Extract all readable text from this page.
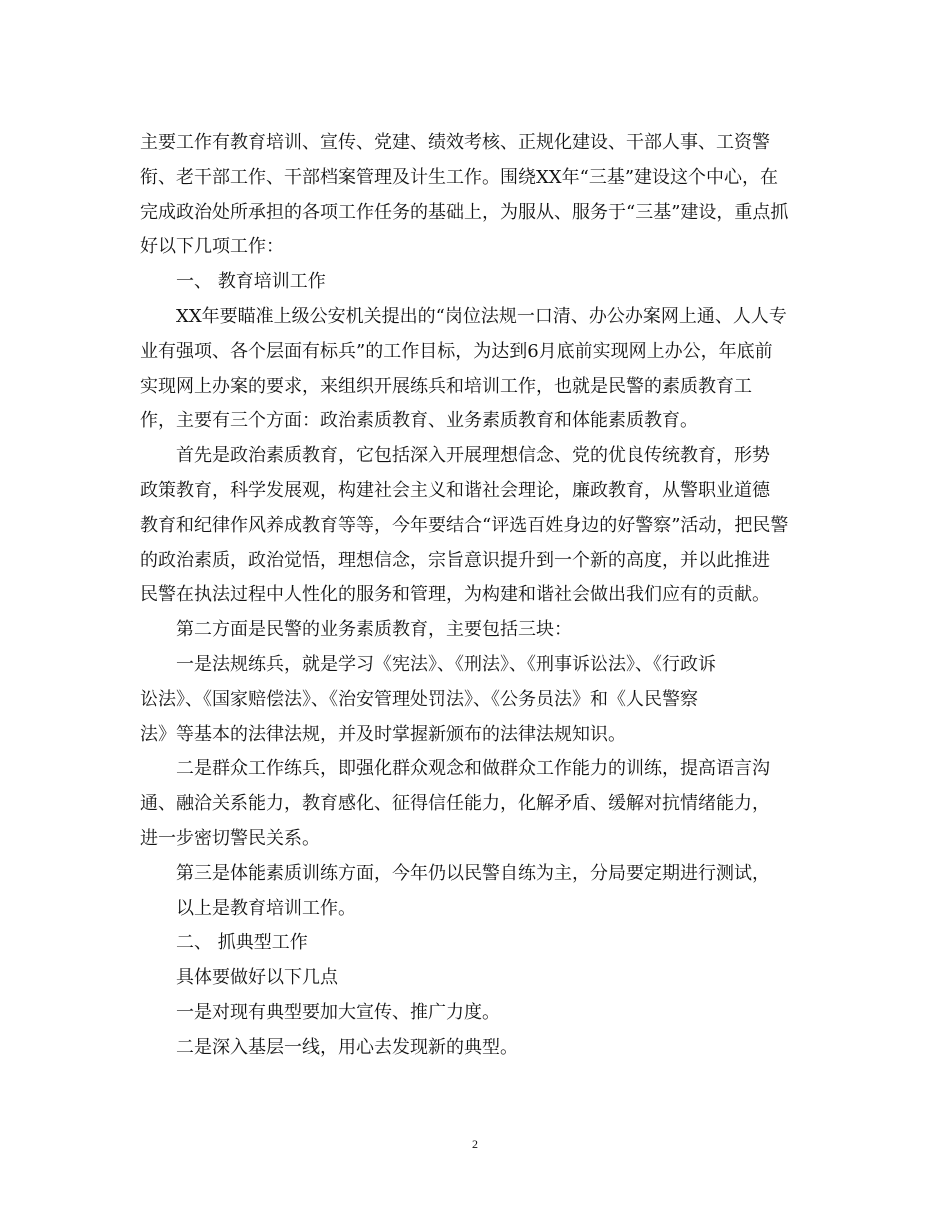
主要工作有教育培训、宣传、党建、绩效考核、正规化建设、干部人事、工资警
衔、老干部工作、干部档案管理及计生工作。围绕XX年“三基”建设这个中心，在
完成政治处所承担的各项工作任务的基础上，为服从、服务于“三基”建设，重点抓
好以下几项工作：
一、 教育培训工作
XX年要瞄准上级公安机关提出的“岗位法规一口清、办公办案网上通、人人专
业有强项、各个层面有标兵”的工作目标，为达到6月底前实现网上办公，年底前
实现网上办案的要求，来组织开展练兵和培训工作，也就是民警的素质教育工
作，主要有三个方面：政治素质教育、业务素质教育和体能素质教育。
首先是政治素质教育，它包括深入开展理想信念、党的优良传统教育，形势
政策教育，科学发展观，构建社会主义和谐社会理论，廉政教育，从警职业道德
教育和纪律作风养成教育等等，今年要结合“评选百姓身边的好警察”活动，把民警
的政治素质，政治觉悟，理想信念，宗旨意识提升到一个新的高度，并以此推进
民警在执法过程中人性化的服务和管理，为构建和谐社会做出我们应有的贡献。
第二方面是民警的业务素质教育，主要包括三块：
一是法规练兵，就是学习《宪法》、《刑法》、《刑事诉讼法》、《行政诉
讼法》、《国家赔偿法》、《治安管理处罚法》、《公务员法》和《人民警察
法》等基本的法律法规，并及时掌握新颁布的法律法规知识。
二是群众工作练兵，即强化群众观念和做群众工作能力的训练，提高语言沟
通、融洽关系能力，教育感化、征得信任能力，化解矛盾、缓解对抗情绪能力，
进一步密切警民关系。
第三是体能素质训练方面，今年仍以民警自练为主，分局要定期进行测试，
以上是教育培训工作。
二、 抓典型工作
具体要做好以下几点
一是对现有典型要加大宣传、推广力度。
二是深入基层一线，用心去发现新的典型。
2
